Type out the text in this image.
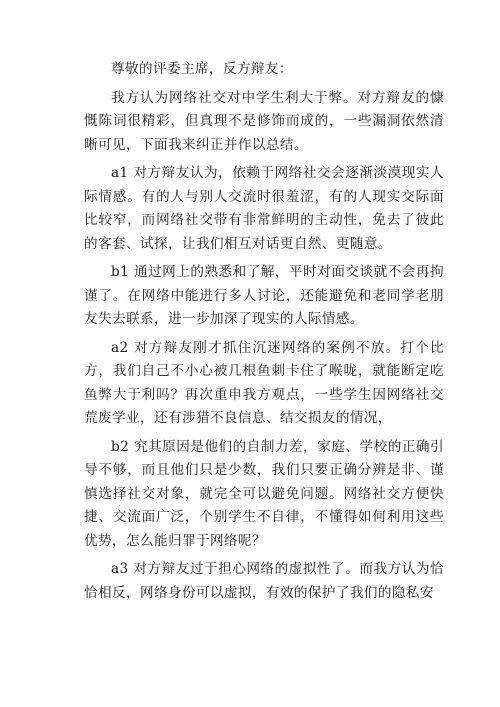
尊敬的评委主席，反方辩友：

我方认为网络社交对中学生利大于弊。对方辩友的慷慨陈词很精彩，但真理不是修饰而成的，一些漏洞依然清晰可见，下面我来纠正并作以总结。

a1 对方辩友认为，依赖于网络社交会逐渐淡漠现实人际情感。有的人与别人交流时很羞涩，有的人现实交际面比较窄，而网络社交带有非常鲜明的主动性，免去了彼此的客套、试探，让我们相互对话更自然、更随意。

b1 通过网上的熟悉和了解，平时对面交谈就不会再拘谨了。在网络中能进行多人讨论，还能避免和老同学老朋友失去联系，进一步加深了现实的人际情感。

a2 对方辩友刚才抓住沉迷网络的案例不放。打个比方，我们自己不小心被几根鱼刺卡住了喉咙，就能断定吃鱼弊大于利吗？再次重申我方观点，一些学生因网络社交荒废学业，还有涉猎不良信息、结交损友的情况，

b2 究其原因是他们的自制力差，家庭、学校的正确引导不够，而且他们只是少数，我们只要正确分辨是非、谨慎选择社交对象，就完全可以避免问题。网络社交方便快捷、交流面广泛，个别学生不自律，不懂得如何利用这些优势，怎么能归罪于网络呢？

a3 对方辩友过于担心网络的虚拟性了。而我方认为恰恰相反，网络身份可以虚拟，有效的保护了我们的隐私安
